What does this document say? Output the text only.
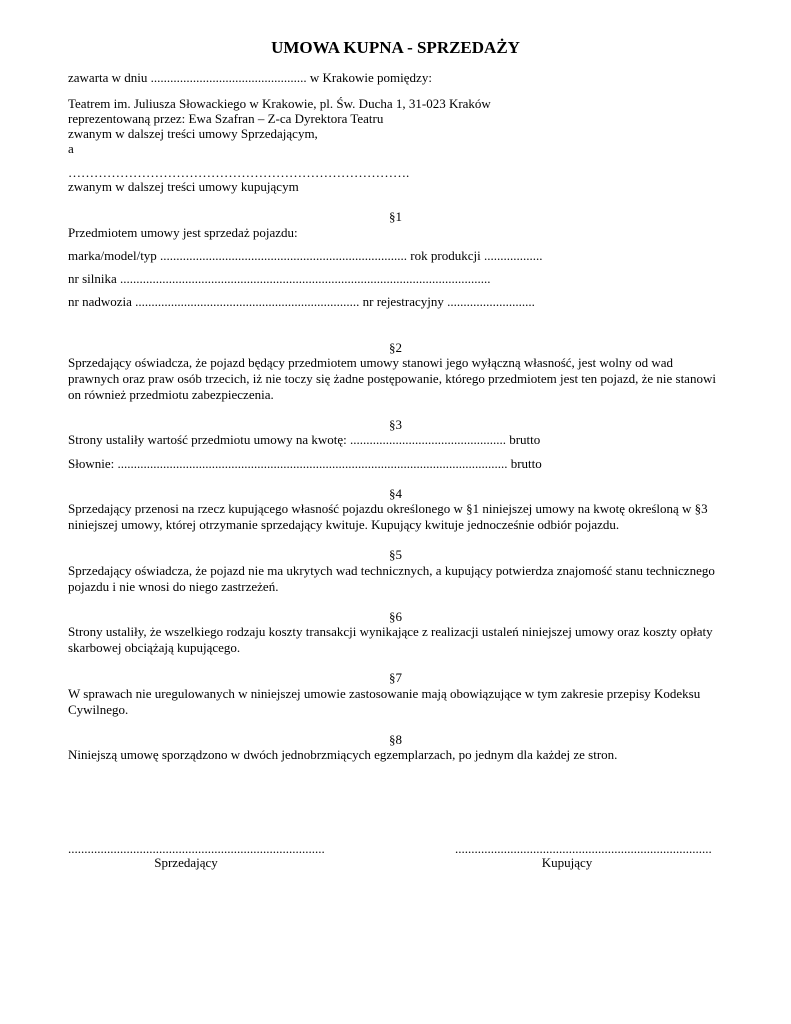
UMOWA KUPNA - SPRZEDAŻY
zawarta w dniu ................................................ w Krakowie pomiędzy:
Teatrem im. Juliusza Słowackiego w Krakowie, pl. Św. Ducha 1, 31-023 Kraków
reprezentowaną przez: Ewa Szafran – Z-ca Dyrektora Teatru
zwanym w dalszej treści umowy Sprzedającym,
a
…………………………………………………………………….
zwanym w dalszej treści umowy kupującym
§1
Przedmiotem umowy jest sprzedaż pojazdu:
marka/model/typ ............................................................................ rok produkcji ..................
nr silnika ..................................................................................................................
nr nadwozia ..................................................................... nr rejestracyjny ...........................
§2
Sprzedający oświadcza, że pojazd będący przedmiotem umowy stanowi jego wyłączną własność, jest wolny od wad prawnych oraz praw osób trzecich, iż nie toczy się żadne postępowanie, którego przedmiotem jest ten pojazd, że nie stanowi on również przedmiotu zabezpieczenia.
§3
Strony ustaliły wartość przedmiotu umowy na kwotę: ................................................ brutto
Słownie: ........................................................................................................................ brutto
§4
Sprzedający przenosi na rzecz kupującego własność pojazdu określonego w §1 niniejszej umowy na kwotę określoną w §3 niniejszej umowy, której otrzymanie sprzedający kwituje. Kupujący kwituje jednocześnie odbiór pojazdu.
§5
Sprzedający oświadcza, że pojazd nie ma ukrytych wad technicznych, a kupujący potwierdza znajomość stanu technicznego pojazdu i nie wnosi do niego zastrzeżeń.
§6
Strony ustaliły, że wszelkiego rodzaju koszty transakcji wynikające z realizacji ustaleń niniejszej umowy oraz koszty opłaty skarbowej obciążają kupującego.
§7
W sprawach nie uregulowanych w niniejszej umowie zastosowanie mają obowiązujące w tym zakresie przepisy Kodeksu Cywilnego.
§8
Niniejszą umowę sporządzono w dwóch jednobrzmiących egzemplarzach, po jednym dla każdej ze stron.
...............................................................................
Sprzedający
...............................................................................
Kupujący
